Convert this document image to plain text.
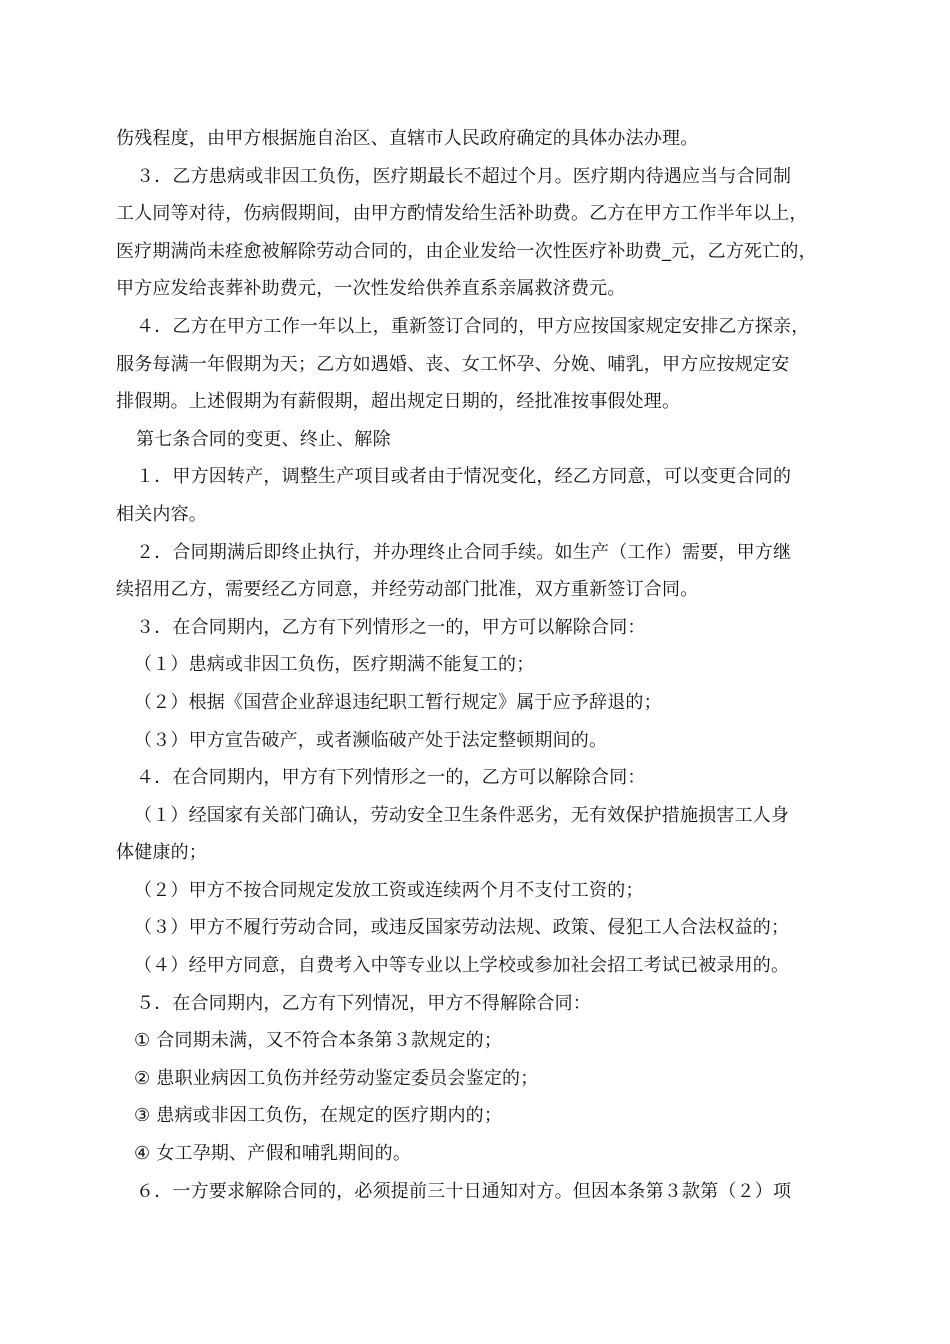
伤残程度，由甲方根据施自治区、直辖市人民政府确定的具体办法办理。
３．乙方患病或非因工负伤，医疗期最长不超过个月。医疗期内待遇应当与合同制
工人同等对待，伤病假期间，由甲方酌情发给生活补助费。乙方在甲方工作半年以上，
医疗期满尚未痊愈被解除劳动合同的，由企业发给一次性医疗补助费_元，乙方死亡的，
甲方应发给丧葬补助费元，一次性发给供养直系亲属救济费元。
４．乙方在甲方工作一年以上，重新签订合同的，甲方应按国家规定安排乙方探亲，
服务每满一年假期为天；乙方如遇婚、丧、女工怀孕、分娩、哺乳，甲方应按规定安
排假期。上述假期为有薪假期，超出规定日期的，经批准按事假处理。
第七条合同的变更、终止、解除
１．甲方因转产，调整生产项目或者由于情况变化，经乙方同意，可以变更合同的
相关内容。
２．合同期满后即终止执行，并办理终止合同手续。如生产（工作）需要，甲方继
续招用乙方，需要经乙方同意，并经劳动部门批准，双方重新签订合同。
３．在合同期内，乙方有下列情形之一的，甲方可以解除合同：
（１）患病或非因工负伤，医疗期满不能复工的；
（２）根据《国营企业辞退违纪职工暂行规定》属于应予辞退的；
（３）甲方宣告破产，或者濒临破产处于法定整顿期间的。
４．在合同期内，甲方有下列情形之一的，乙方可以解除合同：
（１）经国家有关部门确认，劳动安全卫生条件恶劣，无有效保护措施损害工人身
体健康的；
（２）甲方不按合同规定发放工资或连续两个月不支付工资的；
（３）甲方不履行劳动合同，或违反国家劳动法规、政策、侵犯工人合法权益的；
（４）经甲方同意，自费考入中等专业以上学校或参加社会招工考试已被录用的。
５．在合同期内，乙方有下列情况，甲方不得解除合同：
① 合同期未满，又不符合本条第３款规定的；
② 患职业病因工负伤并经劳动鉴定委员会鉴定的；
③ 患病或非因工负伤，在规定的医疗期内的；
④ 女工孕期、产假和哺乳期间的。
６．一方要求解除合同的，必须提前三十日通知对方。但因本条第３款第（２）项
